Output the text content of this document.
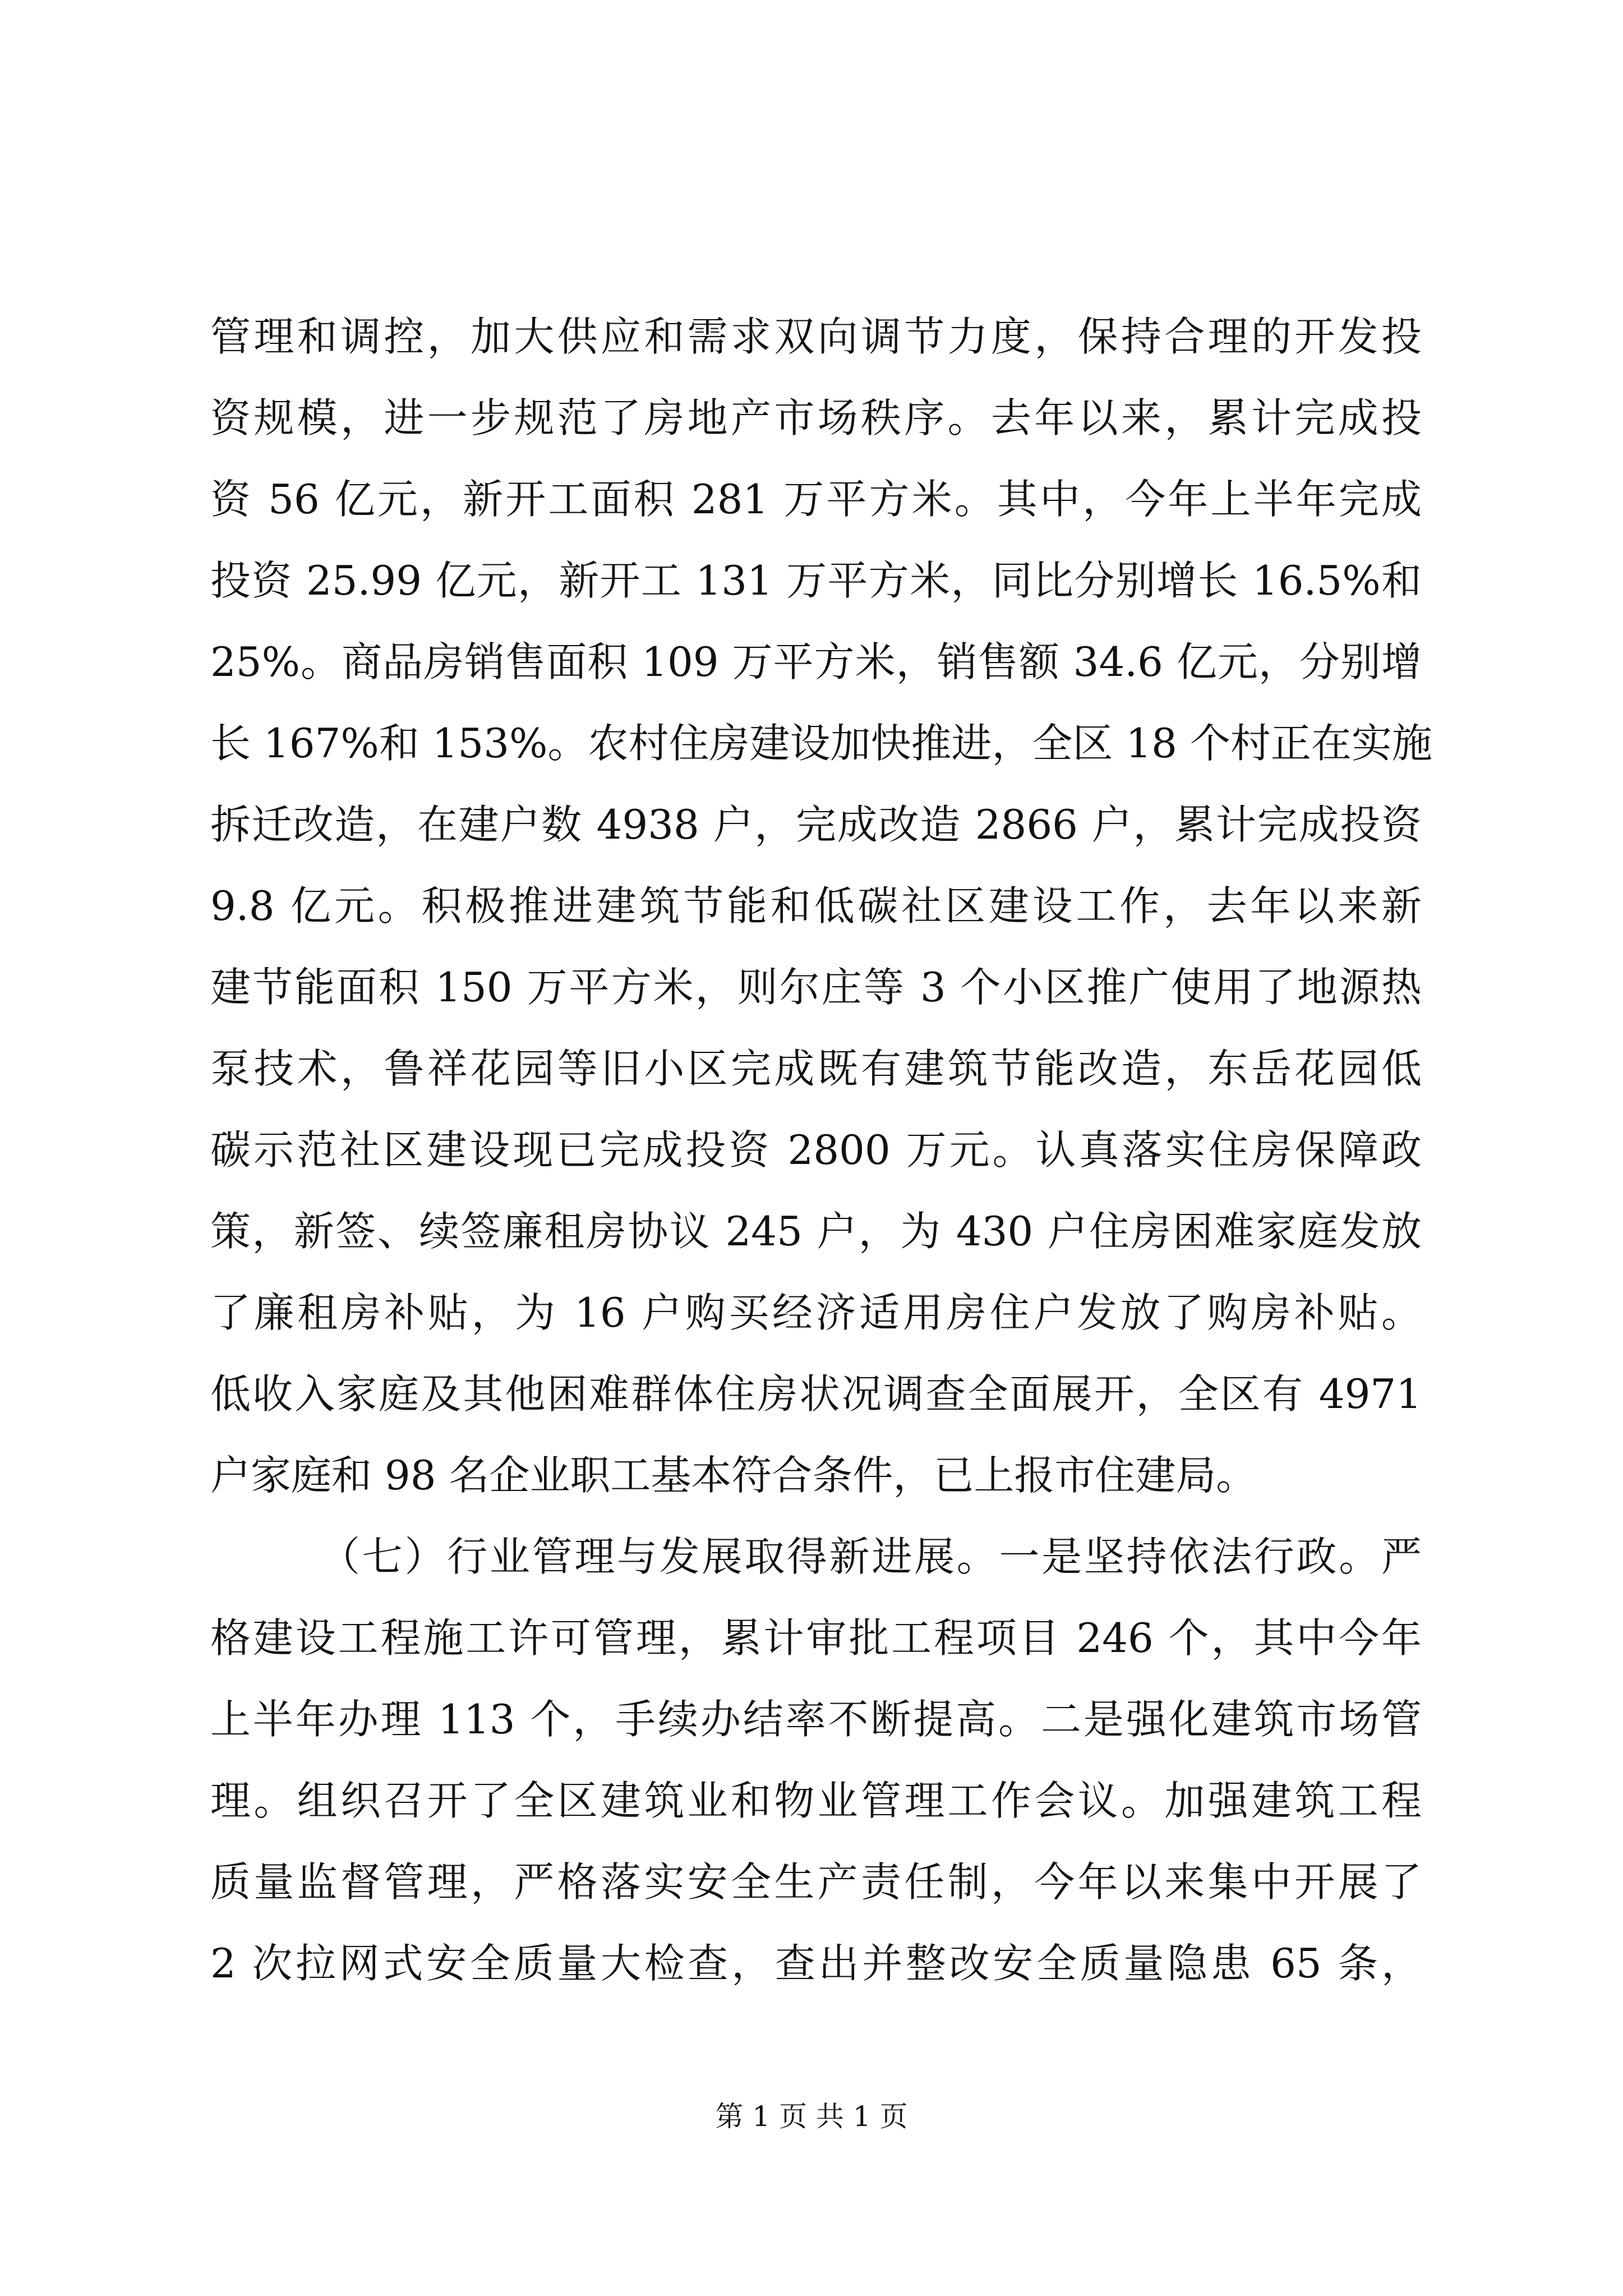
管理和调控，加大供应和需求双向调节力度，保持合理的开发投
资规模，进一步规范了房地产市场秩序。去年以来，累计完成投
资 56 亿元，新开工面积 281 万平方米。其中，今年上半年完成
投资 25.99 亿元，新开工 131 万平方米，同比分别增长 16.5%和
25%。商品房销售面积 109 万平方米，销售额 34.6 亿元，分别增
长 167%和 153%。农村住房建设加快推进，全区 18 个村正在实施
拆迁改造，在建户数 4938 户，完成改造 2866 户，累计完成投资
9.8 亿元。积极推进建筑节能和低碳社区建设工作，去年以来新
建节能面积 150 万平方米，则尔庄等 3 个小区推广使用了地源热
泵技术，鲁祥花园等旧小区完成既有建筑节能改造，东岳花园低
碳示范社区建设现已完成投资 2800 万元。认真落实住房保障政
策，新签、续签廉租房协议 245 户，为 430 户住房困难家庭发放
了廉租房补贴，为 16 户购买经济适用房住户发放了购房补贴。
低收入家庭及其他困难群体住房状况调查全面展开，全区有 4971
户家庭和 98 名企业职工基本符合条件，已上报市住建局。
（七）行业管理与发展取得新进展。一是坚持依法行政。严
格建设工程施工许可管理，累计审批工程项目 246 个，其中今年
上半年办理 113 个，手续办结率不断提高。二是强化建筑市场管
理。组织召开了全区建筑业和物业管理工作会议。加强建筑工程
质量监督管理，严格落实安全生产责任制，今年以来集中开展了
2 次拉网式安全质量大检查，查出并整改安全质量隐患 65 条，
第 1 页 共 1 页
